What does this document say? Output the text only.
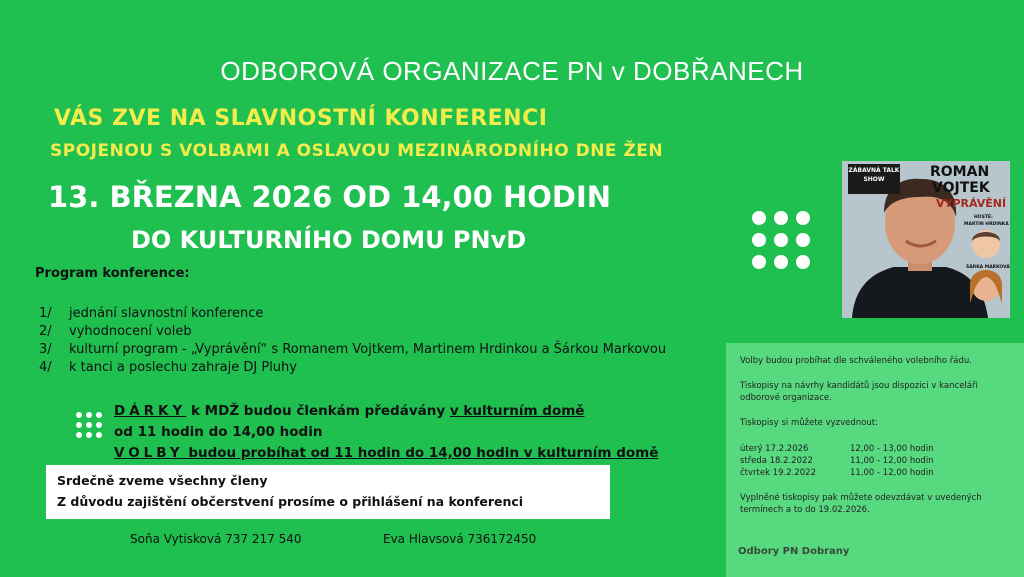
ODBOROVÁ ORGANIZACE PN v DOBŘANECH
VÁS ZVE NA SLAVNOSTNÍ KONFERENCI
SPOJENOU S VOLBAMI A OSLAVOU MEZINÁRODNÍHO DNE ŽEN
13. BŘEZNA 2026 OD 14,00 HODIN
DO KULTURNÍHO DOMU PNvD
Program konference:
1/	jednání slavnostní konference
2/	vyhodnocení voleb
3/	kulturní program - „Vyprávění“ s Romanem Vojtkem, Martinem Hrdinkou a Šárkou Markovou
4/	k tanci a poslechu zahraje DJ Pluhy
DÁRKY k MDŽ budou členkám předávány v kulturním domě
od 11 hodin do 14,00 hodin
VOLBY budou probíhat od 11 hodin do 14,00 hodin v kulturním domě
Srdečně zveme všechny členy
Z důvodu zajištění občerstvení prosíme o přihlášení na konferenci
Soňa Vytisková 737 217 540	Eva Hlavsová 736172450
ZÁBAVNÁ TALK SHOW	ROMAN
VOJTEK
VYPRÁVĚNÍ
HOSTÉ:
MARTIN HRDINKA
ŠÁRKA MARKOVÁ
Volby budou probíhat dle schváleného volebního řádu.
Tiskopisy na návrhy kandidátů jsou dispozici v kanceláři
odborové organizace.
Tiskopisy si můžete vyzvednout:
úterý 17.2.2026	12,00 - 13,00 hodin
středa 18.2.2022	11,00 - 12,00 hodin
čtvrtek 19.2.2022	11,00 - 12,00 hodin
Vyplněné tiskopisy pak můžete odevzdávat v uvedených
termínech a to do 19.02.2026.
Odbory PN Dobrany
